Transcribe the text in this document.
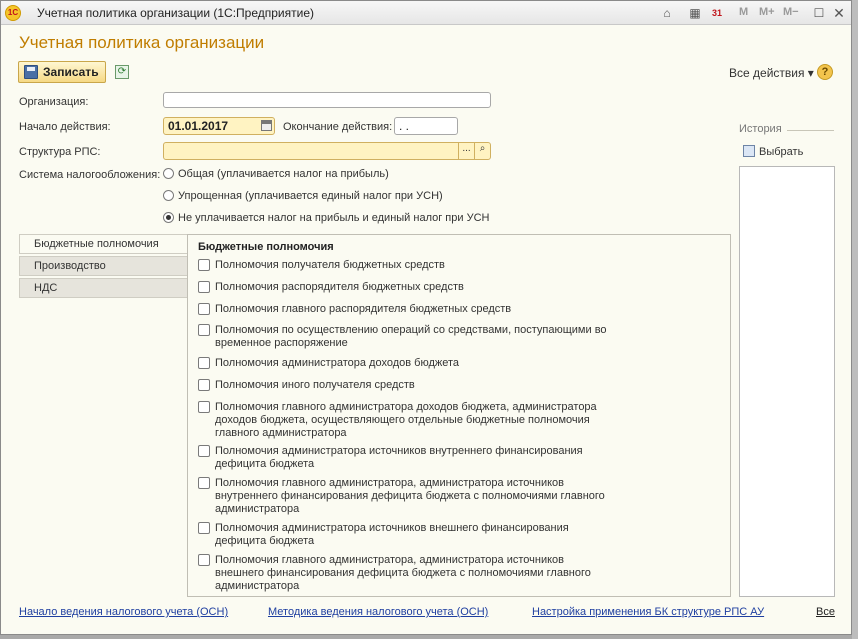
1С Учетная политика организации (1С:Предприятие)	⌂	▦	31 M M+ M− ☐ ✕
Учетная политика организации
Записать	⟳	Все действия ▾ ?
Организация:
Начало действия:	01.01.2017	Окончание действия: . .
Структура РПС:	... ⌕
Система налогообложения:	Общая (уплачивается налог на прибыль)
Упрощенная (уплачивается единый налог при УСН)
Не уплачивается налог на прибыль и единый налог при УСН
Бюджетные полномочия
Производство
НДС
Бюджетные полномочия
Полномочия получателя бюджетных средств
Полномочия распорядителя бюджетных средств
Полномочия главного распорядителя бюджетных средств
Полномочия по осуществлению операций со средствами, поступающими во временное распоряжение
Полномочия администратора доходов бюджета
Полномочия иного получателя средств
Полномочия главного администратора доходов бюджета, администратора доходов бюджета, осуществляющего отдельные бюджетные полномочия главного администратора
Полномочия администратора источников внутреннего финансирования дефицита бюджета
Полномочия главного администратора, администратора источников внутреннего финансирования дефицита бюджета с полномочиями главного администратора
Полномочия администратора источников внешнего финансирования дефицита бюджета
Полномочия главного администратора, администратора источников внешнего финансирования дефицита бюджета с полномочиями главного администратора
История
Выбрать
Начало ведения налогового учета (ОСН)	Методика ведения налогового учета (ОСН)	Настройка применения БК структуре РПС АУ	Все
